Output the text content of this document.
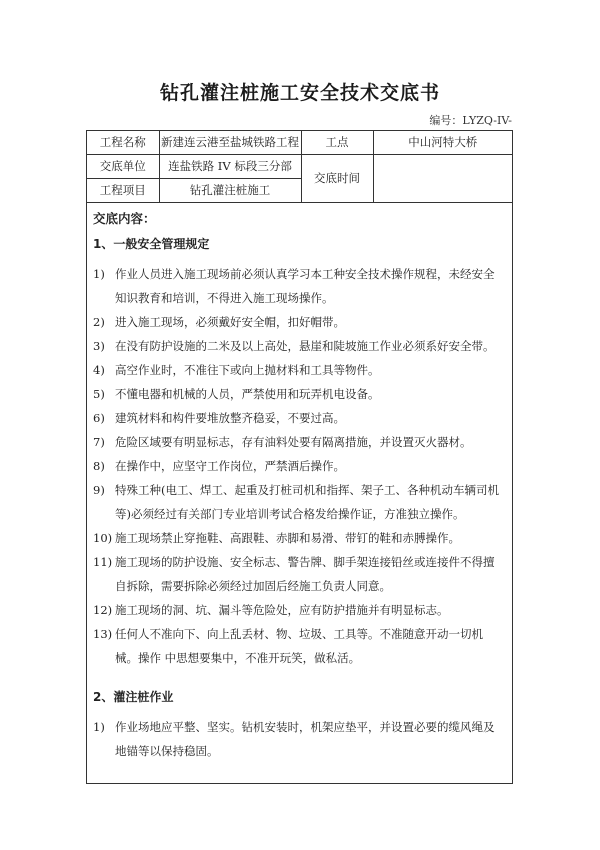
钻孔灌注桩施工安全技术交底书
编号：LYZQ-IV-
工程名称	新建连云港至盐城铁路工程	工点	中山河特大桥
交底单位	连盐铁路 IV 标段三分部	交底时间	
工程项目	钻孔灌注桩施工		
交底内容：
1、一般安全管理规定

1) 作业人员进入施工现场前必须认真学习本工种安全技术操作规程，未经安全知识教育和培训，不得进入施工现场操作。

2) 进入施工现场，必须戴好安全帽，扣好帽带。

3) 在没有防护设施的二米及以上高处，悬崖和陡坡施工作业必须系好安全带。

4) 高空作业时，不准往下或向上抛材料和工具等物件。

5) 不懂电器和机械的人员，严禁使用和玩弄机电设备。

6) 建筑材料和构件要堆放整齐稳妥，不要过高。

7) 危险区域要有明显标志，存有油料处要有隔离措施，并设置灭火器材。

8) 在操作中，应坚守工作岗位，严禁酒后操作。

9) 特殊工种(电工、焊工、起重及打桩司机和指挥、架子工、各种机动车辆司机等)必须经过有关部门专业培训考试合格发给操作证，方准独立操作。

10) 施工现场禁止穿拖鞋、高跟鞋、赤脚和易滑、带钉的鞋和赤膊操作。

11) 施工现场的防护设施、安全标志、警告牌、脚手架连接铅丝或连接件不得擅自拆除，需要拆除必须经过加固后经施工负责人同意。

12) 施工现场的洞、坑、漏斗等危险处，应有防护措施并有明显标志。

13) 任何人不准向下、向上乱丢材、物、垃圾、工具等。不准随意开动一切机械。操作 中思想要集中，不准开玩笑，做私活。

2、灌注桩作业

1) 作业场地应平整、坚实。钻机安装时，机架应垫平，并设置必要的缆风绳及地锚等以保持稳固。
